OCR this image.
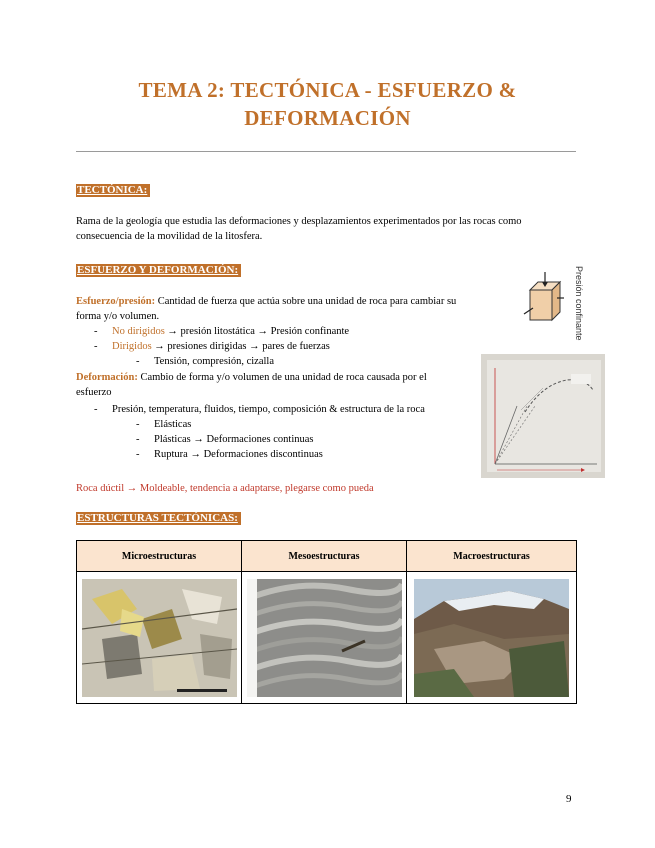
TEMA 2: TECTÓNICA - ESFUERZO &
DEFORMACIÓN
TECTÓNICA:
Rama de la geología que estudia las deformaciones y desplazamientos experimentados por las rocas como
consecuencia de la movilidad de la litosfera.
ESFUERZO Y DEFORMACIÓN:
Esfuerzo/presión: Cantidad de fuerza que actúa sobre una unidad de roca para cambiar su
forma y/o volumen.
- No dirigidos → presión litostática → Presión confinante
- Dirigidos → presiones dirigidas → pares de fuerzas
- Tensión, compresión, cizalla
Deformación: Cambio de forma y/o volumen de una unidad de roca causada por el
esfuerzo
- Presión, temperatura, fluidos, tiempo, composición & estructura de la roca
- Elásticas
- Plásticas → Deformaciones continuas
- Ruptura → Deformaciones discontinuas
Roca dúctil → Moldeable, tendencia a adaptarse, plegarse como pueda
Presión confinante
ESTRUCTURAS TECTÓNICAS:
Microestructuras	Mesoestructuras	Macroestructuras

9
